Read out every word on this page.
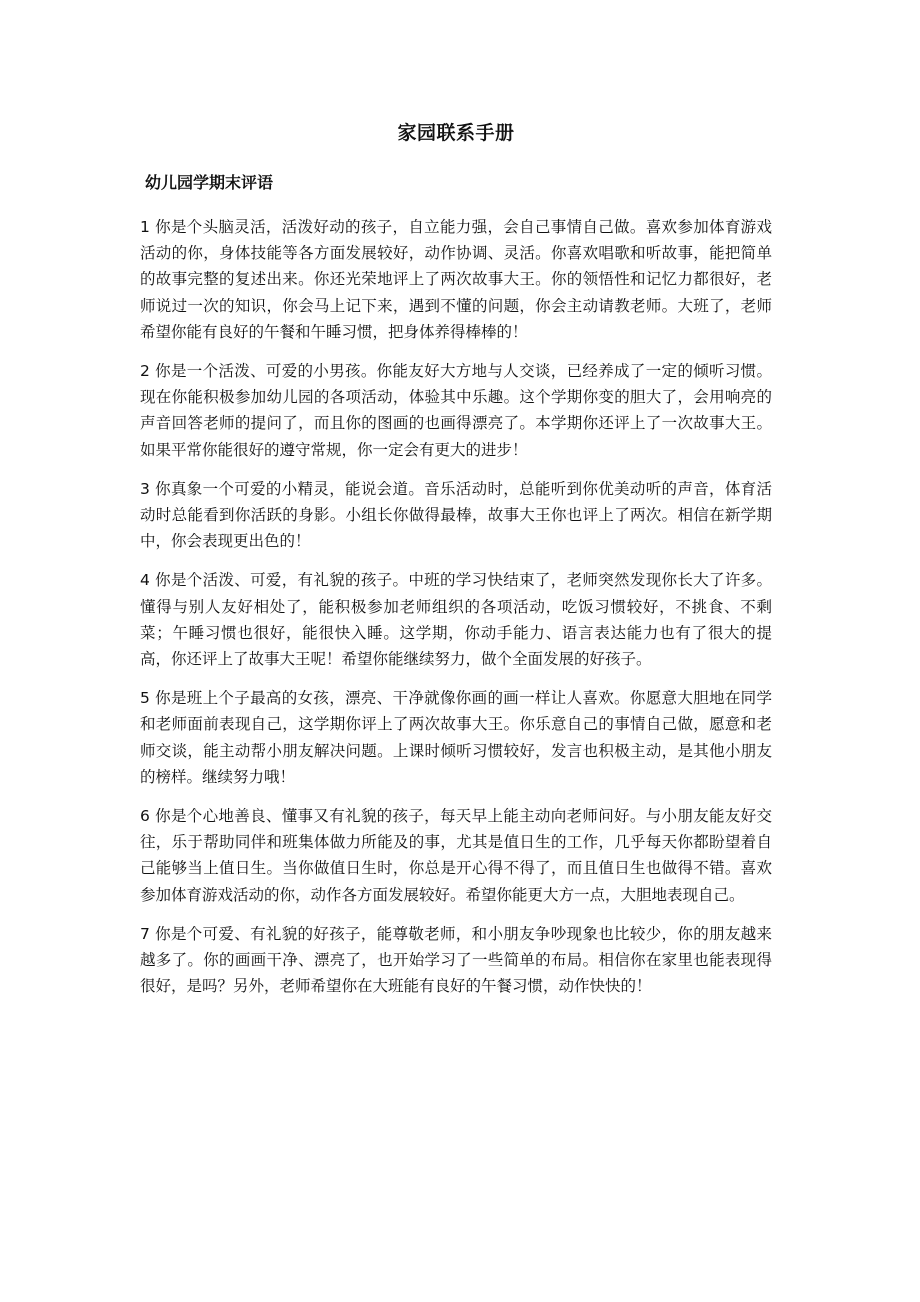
家园联系手册
幼儿园学期末评语
1 你是个头脑灵活，活泼好动的孩子，自立能力强，会自己事情自己做。喜欢参加体育游戏活动的你，身体技能等各方面发展较好，动作协调、灵活。你喜欢唱歌和听故事，能把简单的故事完整的复述出来。你还光荣地评上了两次故事大王。你的领悟性和记忆力都很好，老师说过一次的知识，你会马上记下来，遇到不懂的问题，你会主动请教老师。大班了，老师希望你能有良好的午餐和午睡习惯，把身体养得棒棒的！
2 你是一个活泼、可爱的小男孩。你能友好大方地与人交谈，已经养成了一定的倾听习惯。现在你能积极参加幼儿园的各项活动，体验其中乐趣。这个学期你变的胆大了，会用响亮的声音回答老师的提问了，而且你的图画的也画得漂亮了。本学期你还评上了一次故事大王。如果平常你能很好的遵守常规，你一定会有更大的进步！
3 你真象一个可爱的小精灵，能说会道。音乐活动时，总能听到你优美动听的声音，体育活动时总能看到你活跃的身影。小组长你做得最棒，故事大王你也评上了两次。相信在新学期中，你会表现更出色的！
4 你是个活泼、可爱，有礼貌的孩子。中班的学习快结束了，老师突然发现你长大了许多。懂得与别人友好相处了，能积极参加老师组织的各项活动，吃饭习惯较好，不挑食、不剩菜；午睡习惯也很好，能很快入睡。这学期，你动手能力、语言表达能力也有了很大的提高，你还评上了故事大王呢！希望你能继续努力，做个全面发展的好孩子。
5 你是班上个子最高的女孩，漂亮、干净就像你画的画一样让人喜欢。你愿意大胆地在同学和老师面前表现自己，这学期你评上了两次故事大王。你乐意自己的事情自己做，愿意和老师交谈，能主动帮小朋友解决问题。上课时倾听习惯较好，发言也积极主动，是其他小朋友的榜样。继续努力哦！
6 你是个心地善良、懂事又有礼貌的孩子，每天早上能主动向老师问好。与小朋友能友好交往，乐于帮助同伴和班集体做力所能及的事，尤其是值日生的工作，几乎每天你都盼望着自己能够当上值日生。当你做值日生时，你总是开心得不得了，而且值日生也做得不错。喜欢参加体育游戏活动的你，动作各方面发展较好。希望你能更大方一点，大胆地表现自己。
7 你是个可爱、有礼貌的好孩子，能尊敬老师，和小朋友争吵现象也比较少，你的朋友越来越多了。你的画画干净、漂亮了，也开始学习了一些简单的布局。相信你在家里也能表现得很好，是吗？另外，老师希望你在大班能有良好的午餐习惯，动作快快的！
